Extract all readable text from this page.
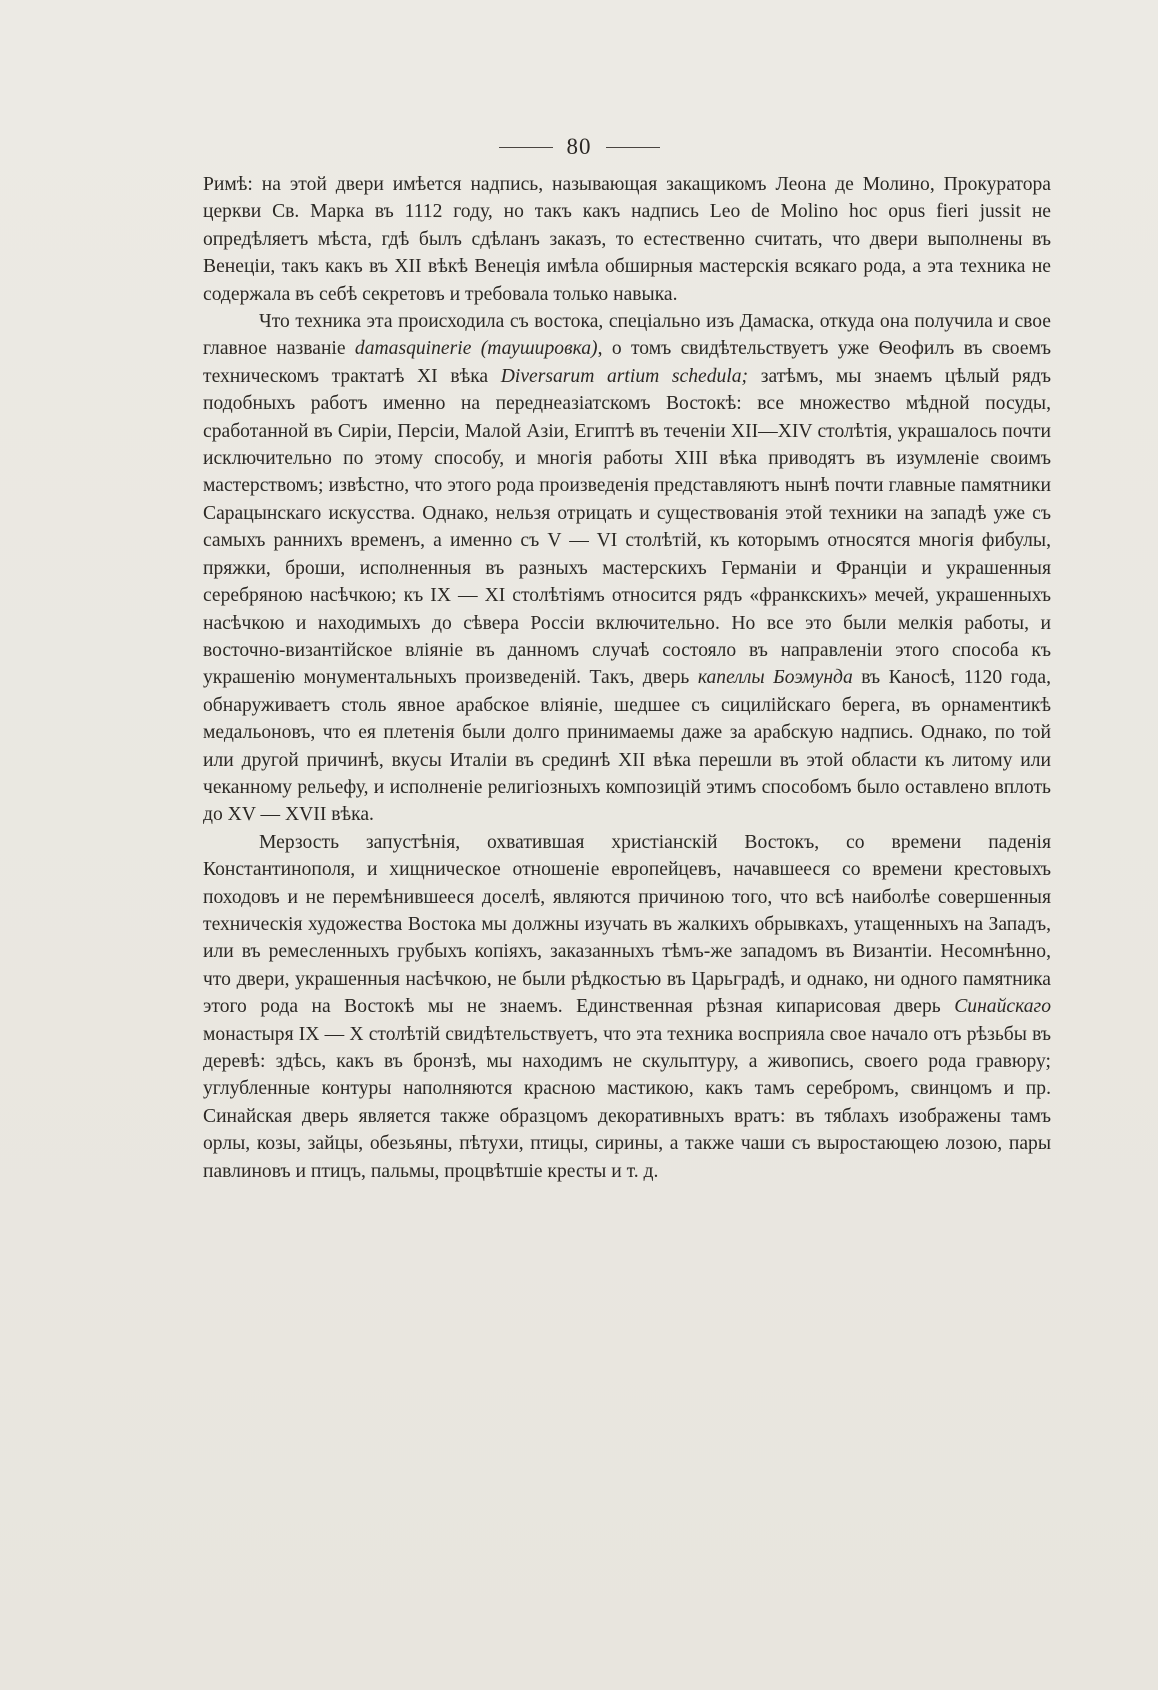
80

Римѣ: на этой двери имѣется надпись, называющая закащикомъ Леона де Молино, Прокуратора церкви Св. Марка въ 1112 году, но такъ какъ надпись Leo de Molino hoc opus fieri jussit не опредѣляетъ мѣста, гдѣ былъ сдѣланъ заказъ, то естественно считать, что двери выполнены въ Венеціи, такъ какъ въ XII вѣкѣ Венеція имѣла обширныя мастерскія всякаго рода, а эта техника не содержала въ себѣ секретовъ и требовала только навыка.

Что техника эта происходила съ востока, спеціально изъ Дамаска, откуда она получила и свое главное названіе damasquinerie (таушировка), о томъ свидѣтельствуетъ уже Ѳеофилъ въ своемъ техническомъ трактатѣ XI вѣка Diversarum artium schedula; затѣмъ, мы знаемъ цѣлый рядъ подобныхъ работъ именно на переднеазіатскомъ Востокѣ: все множество мѣдной посуды, сработанной въ Сиріи, Персіи, Малой Азіи, Египтѣ въ теченіи XII—XIV столѣтія, украшалось почти исключительно по этому способу, и многія работы XIII вѣка приводятъ въ изумленіе своимъ мастерствомъ; извѣстно, что этого рода произведенія представляютъ нынѣ почти главные памятники Сарацынскаго искусства. Однако, нельзя отрицать и существованія этой техники на западѣ уже съ самыхъ раннихъ временъ, а именно съ V — VI столѣтій, къ которымъ относятся многія фибулы, пряжки, броши, исполненныя въ разныхъ мастерскихъ Германіи и Франціи и украшенныя серебряною насѣчкою; къ IX — XI столѣтіямъ относится рядъ «франкскихъ» мечей, украшенныхъ насѣчкою и находимыхъ до сѣвера Россіи включительно. Но все это были мелкія работы, и восточно-византійское вліяніе въ данномъ случаѣ состояло въ направленіи этого способа къ украшенію монументальныхъ произведеній. Такъ, дверь капеллы Боэмунда въ Каносѣ, 1120 года, обнаруживаетъ столь явное арабское вліяніе, шедшее съ сицилійскаго берега, въ орнаментикѣ медальоновъ, что ея плетенія были долго принимаемы даже за арабскую надпись. Однако, по той или другой причинѣ, вкусы Италіи въ срединѣ XII вѣка перешли въ этой области къ литому или чеканному рельефу, и исполненіе религіозныхъ композицій этимъ способомъ было оставлено вплоть до XV — XVII вѣка.

Мерзость запустѣнія, охватившая христіанскій Востокъ, со времени паденія Константинополя, и хищническое отношеніе европейцевъ, начавшееся со времени крестовыхъ походовъ и не перемѣнившееся доселѣ, являются причиною того, что всѣ наиболѣе совершенныя техническія художества Востока мы должны изучать въ жалкихъ обрывкахъ, утащенныхъ на Западъ, или въ ремесленныхъ грубыхъ копіяхъ, заказанныхъ тѣмъ-же западомъ въ Византіи. Несомнѣнно, что двери, украшенныя насѣчкою, не были рѣдкостью въ Царьградѣ, и однако, ни одного памятника этого рода на Востокѣ мы не знаемъ. Единственная рѣзная кипарисовая дверь Синайскаго монастыря IX — X столѣтій свидѣтельствуетъ, что эта техника восприяла свое начало отъ рѣзьбы въ деревѣ: здѣсь, какъ въ бронзѣ, мы находимъ не скульптуру, а живопись, своего рода гравюру; углубленные контуры наполняются красною мастикою, какъ тамъ серебромъ, свинцомъ и пр. Синайская дверь является также образцомъ декоративныхъ вратъ: въ тяблахъ изображены тамъ орлы, козы, зайцы, обезьяны, пѣтухи, птицы, сирины, а также чаши съ выростающею лозою, пары павлиновъ и птицъ, пальмы, процвѣтшіе кресты и т. д.
